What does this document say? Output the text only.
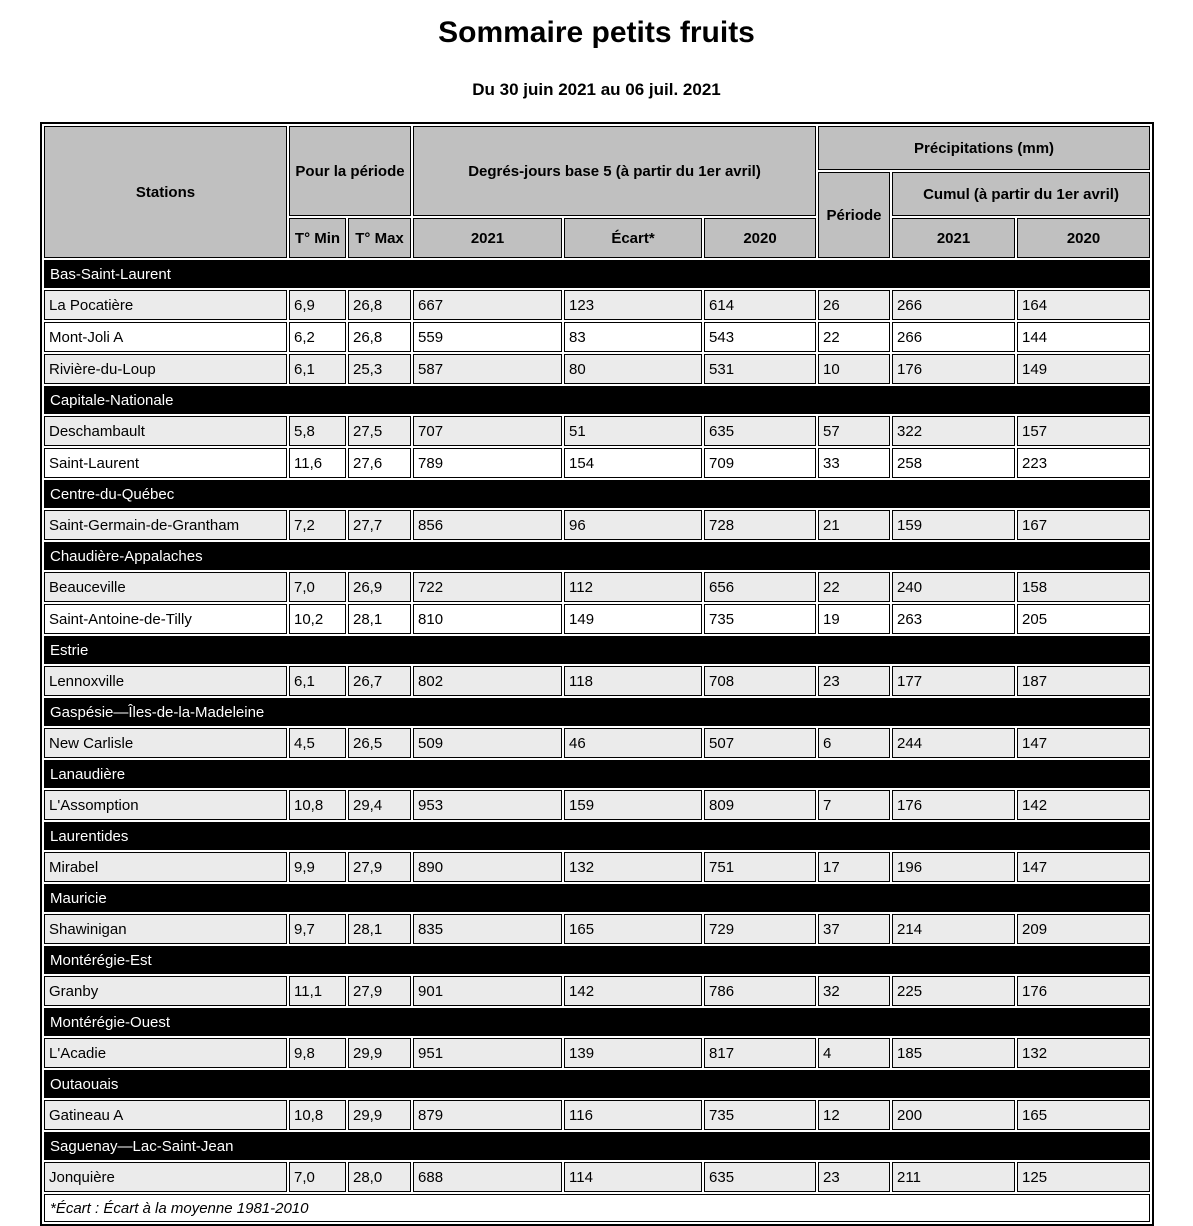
Sommaire petits fruits
Du 30 juin 2021 au 06 juil. 2021
Stations	Pour la période		Degrés-jours base 5 (à partir du 1er avril)			Précipitations (mm)		
						Période	Cumul (à partir du 1er avril)	
	T° Min	T° Max	2021	Écart*	2020		2021	2020
Bas-Saint-Laurent								
La Pocatière	6,9	26,8	667	123	614	26	266	164
Mont-Joli A	6,2	26,8	559	83	543	22	266	144
Rivière-du-Loup	6,1	25,3	587	80	531	10	176	149
Capitale-Nationale								
Deschambault	5,8	27,5	707	51	635	57	322	157
Saint-Laurent	11,6	27,6	789	154	709	33	258	223
Centre-du-Québec								
Saint-Germain-de-Grantham	7,2	27,7	856	96	728	21	159	167
Chaudière-Appalaches								
Beauceville	7,0	26,9	722	112	656	22	240	158
Saint-Antoine-de-Tilly	10,2	28,1	810	149	735	19	263	205
Estrie								
Lennoxville	6,1	26,7	802	118	708	23	177	187
Gaspésie—Îles-de-la-Madeleine								
New Carlisle	4,5	26,5	509	46	507	6	244	147
Lanaudière								
L'Assomption	10,8	29,4	953	159	809	7	176	142
Laurentides								
Mirabel	9,9	27,9	890	132	751	17	196	147
Mauricie								
Shawinigan	9,7	28,1	835	165	729	37	214	209
Montérégie-Est								
Granby	11,1	27,9	901	142	786	32	225	176
Montérégie-Ouest								
L'Acadie	9,8	29,9	951	139	817	4	185	132
Outaouais								
Gatineau A	10,8	29,9	879	116	735	12	200	165
Saguenay—Lac-Saint-Jean								
Jonquière	7,0	28,0	688	114	635	23	211	125
*Écart : Écart à la moyenne 1981-2010								
